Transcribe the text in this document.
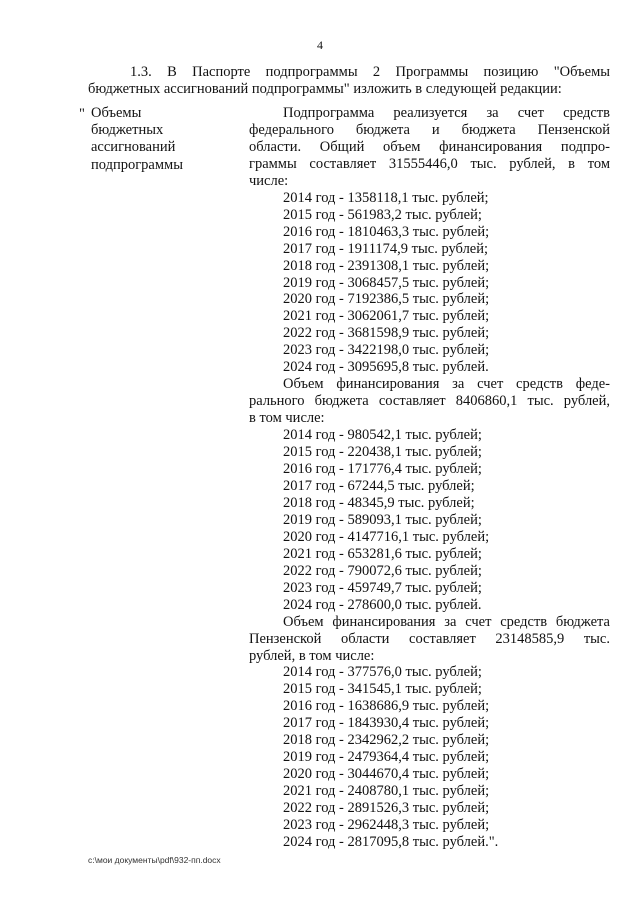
4

1.3. В Паспорте подпрограммы 2 Программы позицию "Объемы

бюджетных ассигнований подпрограммы" изложить в следующей редакции:

" Объемы
бюджетных
ассигнований
подпрограммы
Подпрограмма реализуется за счет средств
федерального бюджета и бюджета Пензенской
области. Общий объем финансирования подпро-
граммы составляет 31555446,0 тыс. рублей, в том
числе:
2014 год - 1358118,1 тыс. рублей;
2015 год - 561983,2 тыс. рублей;
2016 год - 1810463,3 тыс. рублей;
2017 год - 1911174,9 тыс. рублей;
2018 год - 2391308,1 тыс. рублей;
2019 год - 3068457,5 тыс. рублей;
2020 год - 7192386,5 тыс. рублей;
2021 год - 3062061,7 тыс. рублей;
2022 год - 3681598,9 тыс. рублей;
2023 год - 3422198,0 тыс. рублей;
2024 год - 3095695,8 тыс. рублей.
Объем финансирования за счет средств феде-
рального бюджета составляет 8406860,1 тыс. рублей,
в том числе:
2014 год - 980542,1 тыс. рублей;
2015 год - 220438,1 тыс. рублей;
2016 год - 171776,4 тыс. рублей;
2017 год - 67244,5 тыс. рублей;
2018 год - 48345,9 тыс. рублей;
2019 год - 589093,1 тыс. рублей;
2020 год - 4147716,1 тыс. рублей;
2021 год - 653281,6 тыс. рублей;
2022 год - 790072,6 тыс. рублей;
2023 год - 459749,7 тыс. рублей;
2024 год - 278600,0 тыс. рублей.
Объем финансирования за счет средств бюджета
Пензенской области составляет 23148585,9 тыс.
рублей, в том числе:
2014 год - 377576,0 тыс. рублей;
2015 год - 341545,1 тыс. рублей;
2016 год - 1638686,9 тыс. рублей;
2017 год - 1843930,4 тыс. рублей;
2018 год - 2342962,2 тыс. рублей;
2019 год - 2479364,4 тыс. рублей;
2020 год - 3044670,4 тыс. рублей;
2021 год - 2408780,1 тыс. рублей;
2022 год - 2891526,3 тыс. рублей;
2023 год - 2962448,3 тыс. рублей;
2024 год - 2817095,8 тыс. рублей.".
c:\мои документы\pdf\932-пп.docx
